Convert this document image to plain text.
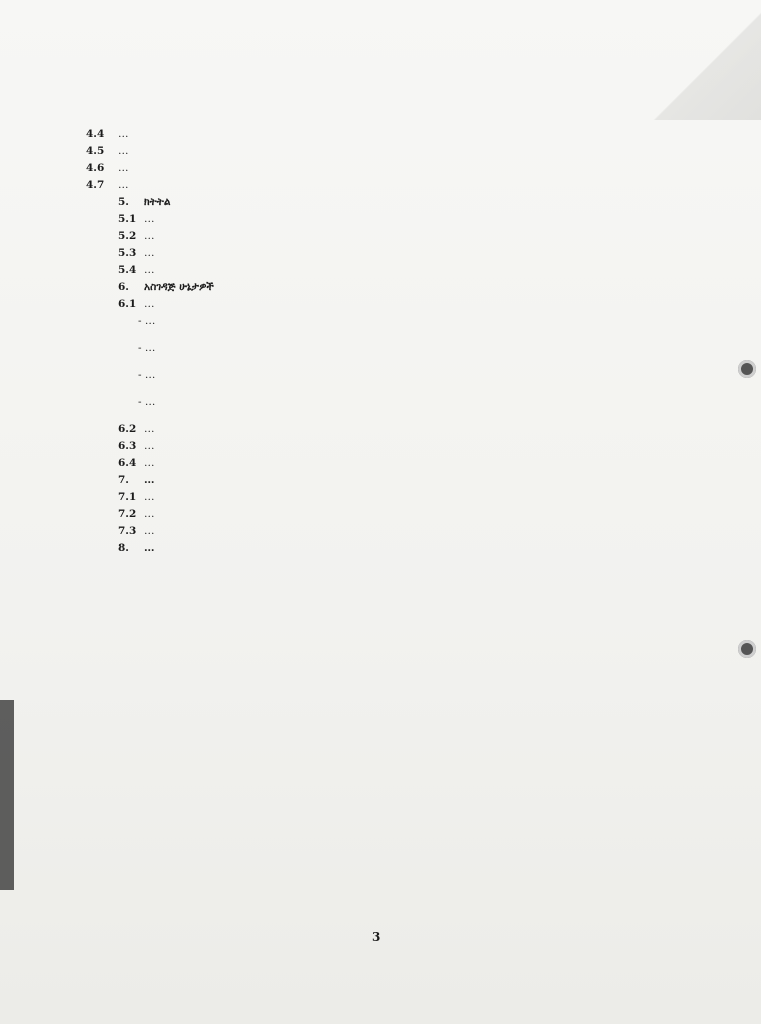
4.4	…
4.5	…
4.6	…
4.7	…
5.	ክትትል
5.1 …
5.2 …
5.3 …
5.4 …
6.	አስገዳጅ ሁኔታዎች
6.1 …
- …
- …
- …
- …
6.2 …
6.3 …
6.4 …
7.	…
7.1 …
7.2 …
7.3 …
8.	…
3
